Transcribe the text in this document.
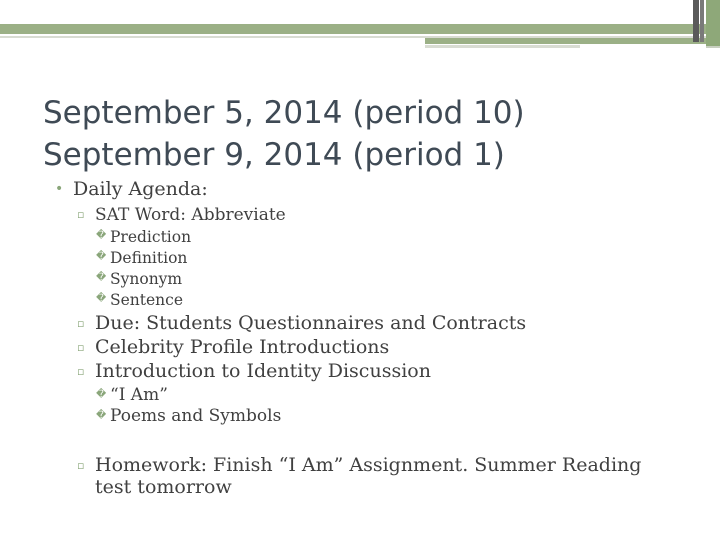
September 5, 2014 (period 10)
September 9, 2014 (period 1)
• Daily Agenda:
▫ SAT Word: Abbreviate
� Prediction
� Definition
� Synonym
� Sentence
▫ Due: Students Questionnaires and Contracts
▫ Celebrity Profile Introductions
▫ Introduction to Identity Discussion
� “I Am”
� Poems and Symbols
▫ Homework: Finish “I Am” Assignment. Summer Reading
test tomorrow
